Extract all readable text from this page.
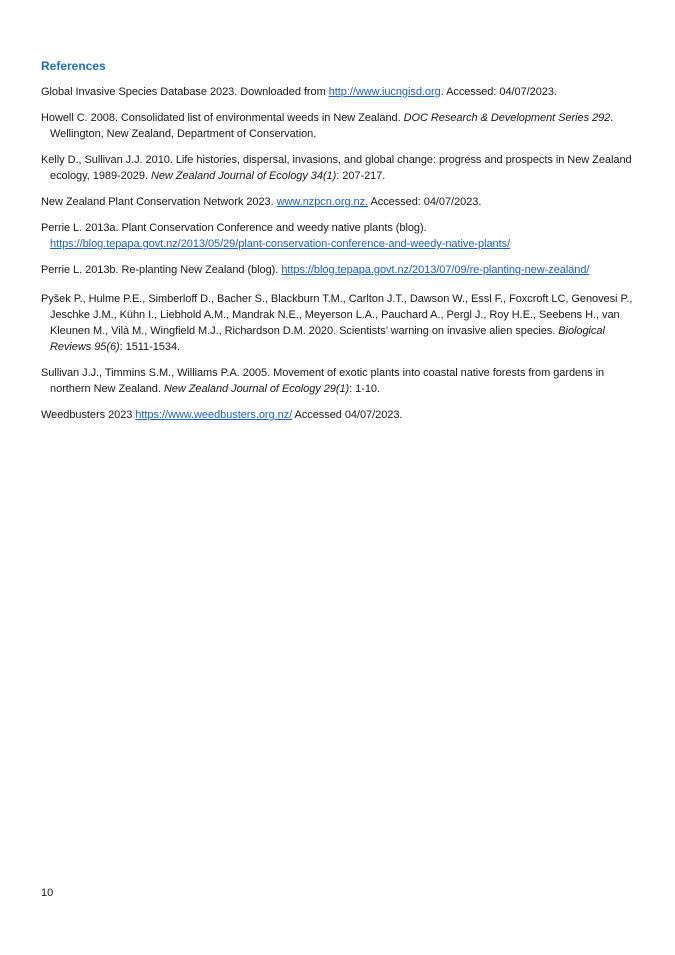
References
Global Invasive Species Database 2023. Downloaded from http://www.iucngisd.org. Accessed: 04/07/2023.
Howell C. 2008. Consolidated list of environmental weeds in New Zealand. DOC Research & Development Series 292. Wellington, New Zealand, Department of Conservation.
Kelly D., Sullivan J.J. 2010. Life histories, dispersal, invasions, and global change: progress and prospects in New Zealand ecology, 1989-2029. New Zealand Journal of Ecology 34(1): 207-217.
New Zealand Plant Conservation Network 2023. www.nzpcn.org.nz. Accessed: 04/07/2023.
Perrie L. 2013a. Plant Conservation Conference and weedy native plants (blog). https://blog.tepapa.govt.nz/2013/05/29/plant-conservation-conference-and-weedy-native-plants/
Perrie L. 2013b. Re-planting New Zealand (blog). https://blog.tepapa.govt.nz/2013/07/09/re-planting-new-zealand/
Pyšek P., Hulme P.E., Simberloff D., Bacher S., Blackburn T.M., Carlton J.T., Dawson W., Essl F., Foxcroft LC, Genovesi P., Jeschke J.M., Kühn I., Liebhold A.M., Mandrak N.E., Meyerson L.A., Pauchard A., Pergl J., Roy H.E., Seebens H., van Kleunen M., Vilà M., Wingfield M.J., Richardson D.M. 2020. Scientists’ warning on invasive alien species. Biological Reviews 95(6): 1511-1534.
Sullivan J.J., Timmins S.M., Williams P.A. 2005. Movement of exotic plants into coastal native forests from gardens in northern New Zealand. New Zealand Journal of Ecology 29(1): 1-10.
Weedbusters 2023 https://www.weedbusters.org.nz/ Accessed 04/07/2023.
10
